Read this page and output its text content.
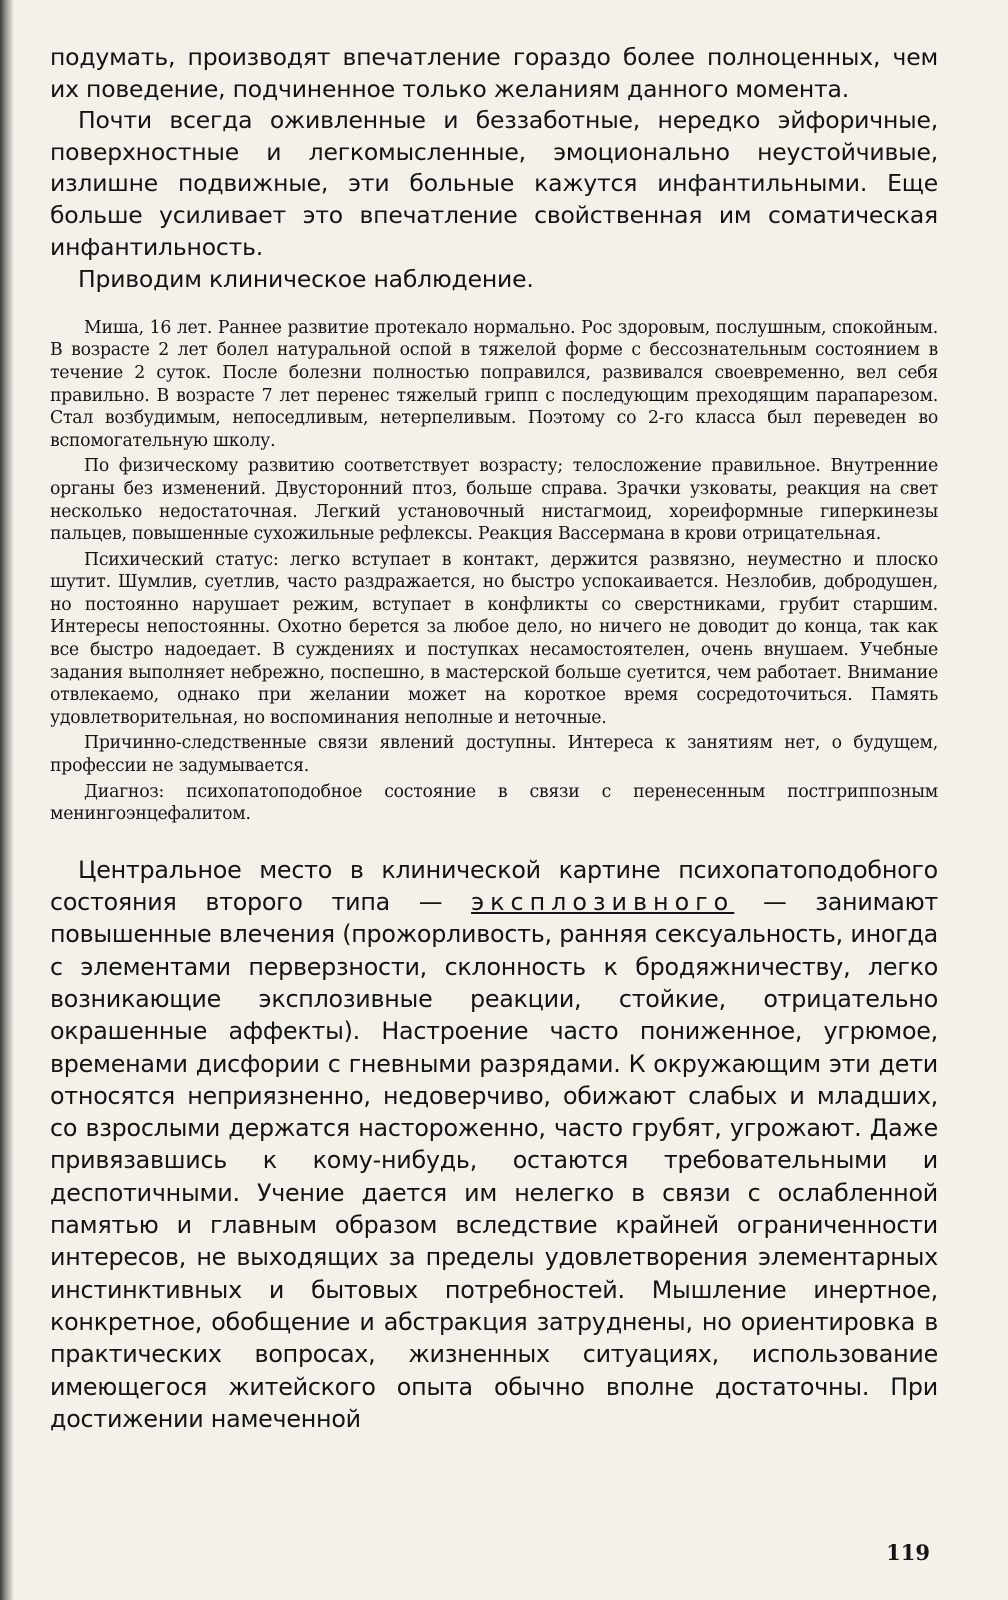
подумать, производят впечатление гораздо более полноценных, чем их поведение, подчиненное только желаниям данного момента.

Почти всегда оживленные и беззаботные, нередко эйфоричные, поверхностные и легкомысленные, эмоционально неустойчивые, излишне подвижные, эти больные кажутся инфантильными. Еще больше усиливает это впечатление свойственная им соматическая инфантильность.

Приводим клиническое наблюдение.

Миша, 16 лет. Раннее развитие протекало нормально. Рос здоровым, послушным, спокойным. В возрасте 2 лет болел натуральной оспой в тяжелой форме с бессознательным состоянием в течение 2 суток. После болезни полностью поправился, развивался своевременно, вел себя правильно. В возрасте 7 лет перенес тяжелый грипп с последующим преходящим парапарезом. Стал возбудимым, непоседливым, нетерпеливым. Поэтому со 2-го класса был переведен во вспомогательную школу.

По физическому развитию соответствует возрасту; телосложение правильное. Внутренние органы без изменений. Двусторонний птоз, больше справа. Зрачки узковаты, реакция на свет несколько недостаточная. Легкий установочный нистагмоид, хореиформные гиперкинезы пальцев, повышенные сухожильные рефлексы. Реакция Вассермана в крови отрицательная.

Психический статус: легко вступает в контакт, держится развязно, неуместно и плоско шутит. Шумлив, суетлив, часто раздражается, но быстро успокаивается. Незлобив, добродушен, но постоянно нарушает режим, вступает в конфликты со сверстниками, грубит старшим. Интересы непостоянны. Охотно берется за любое дело, но ничего не доводит до конца, так как все быстро надоедает. В суждениях и поступках несамостоятелен, очень внушаем. Учебные задания выполняет небрежно, поспешно, в мастерской больше суетится, чем работает. Внимание отвлекаемо, однако при желании может на короткое время сосредоточиться. Память удовлетворительная, но воспоминания неполные и неточные.

Причинно-следственные связи явлений доступны. Интереса к занятиям нет, о будущем, профессии не задумывается.

Диагноз: психопатоподобное состояние в связи с перенесенным постгриппозным менингоэнцефалитом.

Центральное место в клинической картине психопатоподобного состояния второго типа — эксплозивного — занимают повышенные влечения (прожорливость, ранняя сексуальность, иногда с элементами перверзности, склонность к бродяжничеству, легко возникающие эксплозивные реакции, стойкие, отрицательно окрашенные аффекты). Настроение часто пониженное, угрюмое, временами дисфории с гневными разрядами. К окружающим эти дети относятся неприязненно, недоверчиво, обижают слабых и младших, со взрослыми держатся настороженно, часто грубят, угрожают. Даже привязавшись к кому-нибудь, остаются требовательными и деспотичными. Учение дается им нелегко в связи с ослабленной памятью и главным образом вследствие крайней ограниченности интересов, не выходящих за пределы удовлетворения элементарных инстинктивных и бытовых потребностей. Мышление инертное, конкретное, обобщение и абстракция затруднены, но ориентировка в практических вопросах, жизненных ситуациях, использование имеющегося житейского опыта обычно вполне достаточны. При достижении намеченной

119
